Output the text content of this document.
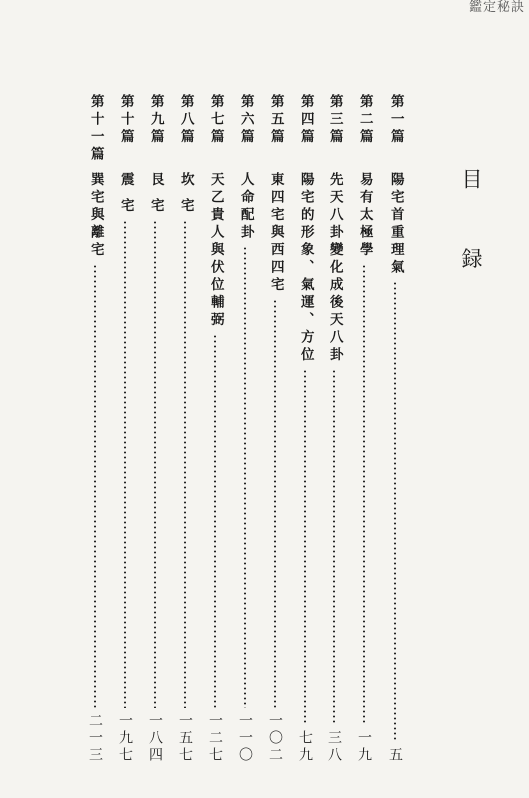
鑑定秘訣
目 録
第一篇
陽宅首重理氣
五
第二篇
易有太極學
一九
第三篇
先天八卦變化成後天八卦
三八
第四篇
陽宅的形象、氣運、方位
七九
第五篇
東四宅與西四宅
一〇二
第六篇
人命配卦
一一〇
第七篇
天乙貴人與伏位輔弼
一二七
第八篇
坎 宅
一五七
第九篇
艮 宅
一八四
第十篇
震 宅
一九七
第十一篇
巽宅與離宅
二一三
